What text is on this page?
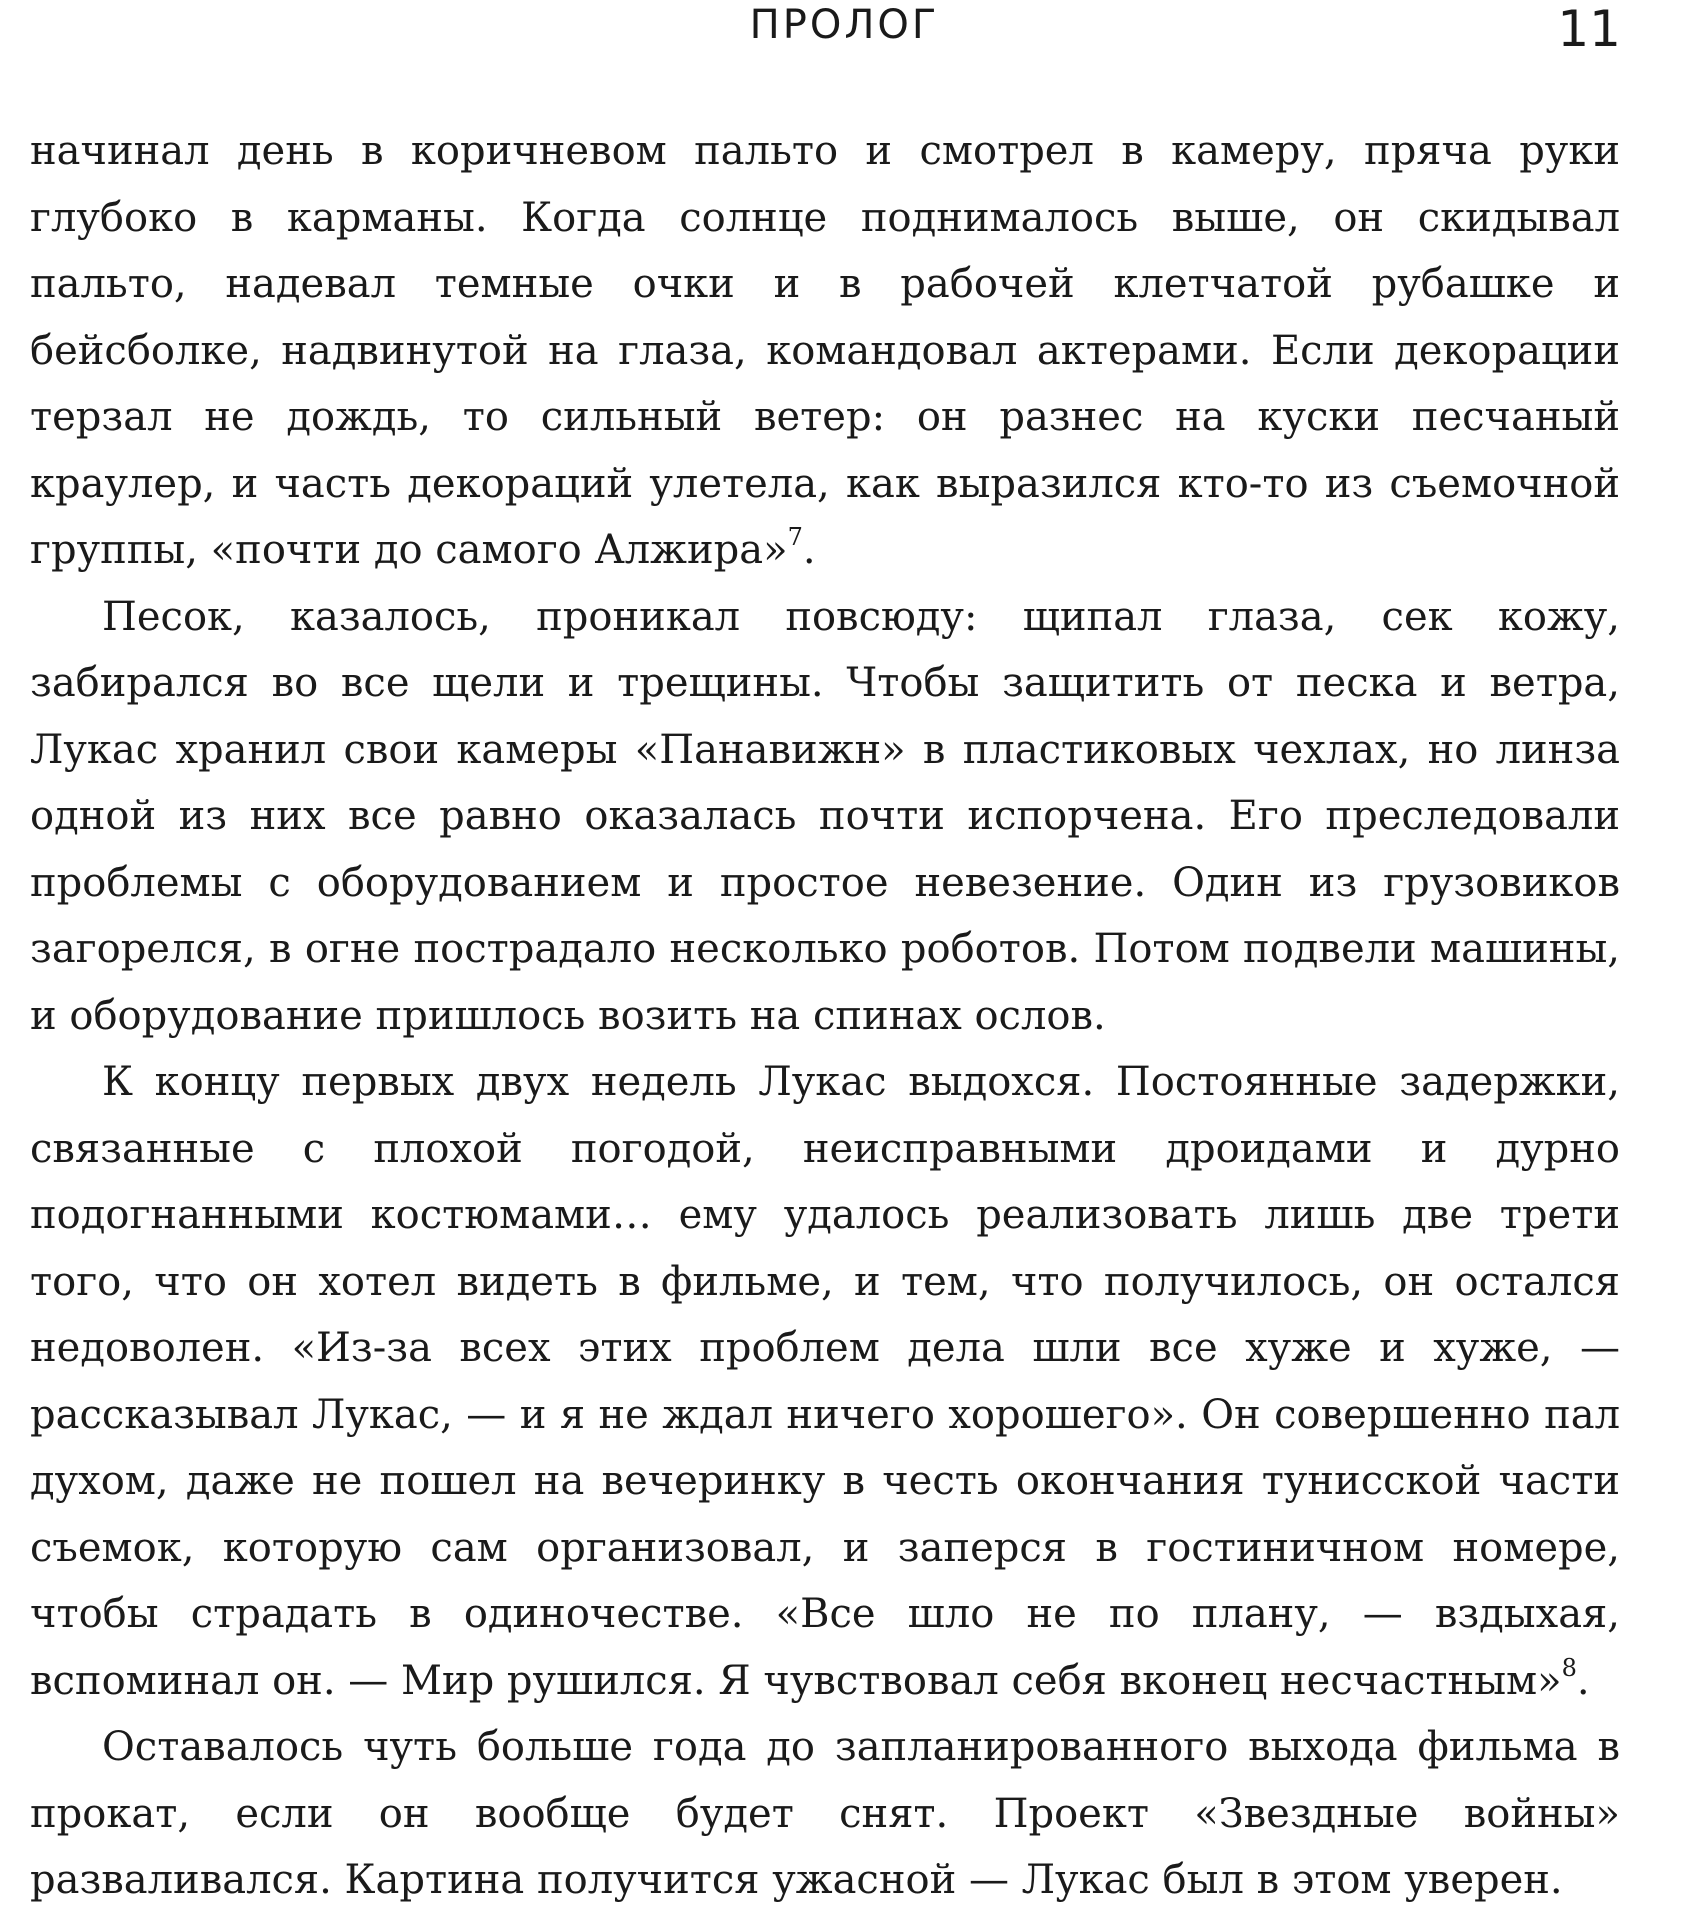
ПРОЛОГ	11

начинал день в коричневом пальто и смотрел в камеру, пряча руки глубоко в карманы. Когда солнце поднималось выше, он скидывал пальто, надевал темные очки и в рабочей клетчатой рубашке и бейсболке, надвинутой на глаза, командовал актерами. Если декорации терзал не дождь, то сильный ветер: он разнес на куски песчаный краулер, и часть декораций улетела, как выразился кто-то из съемочной группы, «почти до самого Алжира»$^7$.

Песок, казалось, проникал повсюду: щипал глаза, сек кожу, забирался во все щели и трещины. Чтобы защитить от песка и ветра, Лукас хранил свои камеры «Панавижн» в пластиковых чехлах, но линза одной из них все равно оказалась почти испорчена. Его преследовали проблемы с оборудованием и простое невезение. Один из грузовиков загорелся, в огне пострадало несколько роботов. Потом подвели машины, и оборудование пришлось возить на спинах ослов.

К концу первых двух недель Лукас выдохся. Постоянные задержки, связанные с плохой погодой, неисправными дроидами и дурно подогнанными костюмами… ему удалось реализовать лишь две трети того, что он хотел видеть в фильме, и тем, что получилось, он остался недоволен. «Из-за всех этих проблем дела шли все хуже и хуже, — рассказывал Лукас, — и я не ждал ничего хорошего». Он совершенно пал духом, даже не пошел на вечеринку в честь окончания тунисской части съемок, которую сам организовал, и заперся в гостиничном номере, чтобы страдать в одиночестве. «Все шло не по плану, — вздыхая, вспоминал он. — Мир рушился. Я чувствовал себя вконец несчастным»$^8$.

Оставалось чуть больше года до запланированного выхода фильма в прокат, если он вообще будет снят. Проект «Звездные войны» разваливался. Картина получится ужасной — Лукас был в этом уверен.
